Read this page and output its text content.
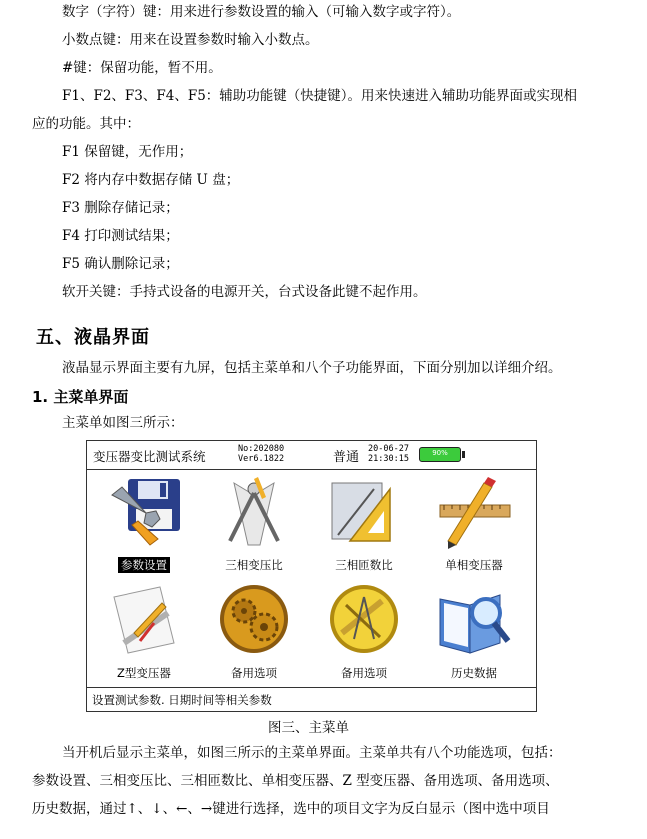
数字（字符）键：用来进行参数设置的输入（可输入数字或字符）。
小数点键：用来在设置参数时输入小数点。
#键：保留功能，暂不用。
F1、F2、F3、F4、F5：辅助功能键（快捷键）。用来快速进入辅助功能界面或实现相
应的功能。其中：
F1 保留键，无作用；
F2 将内存中数据存储 U 盘；
F3 删除存储记录；
F4 打印测试结果；
F5 确认删除记录；
软开关键：手持式设备的电源开关，台式设备此键不起作用。
五、液晶界面
液晶显示界面主要有九屏，包括主菜单和八个子功能界面，下面分别加以详细介绍。
1. 主菜单界面
主菜单如图三所示：
变压器变比测试系统	No:202080
Ver6.1822	普通
20-06-27
21:30:15
90%
参数设置	三相变压比	三相匝数比	单相变压器
Z型变压器	备用选项	备用选项	历史数据
设置测试参数. 日期时间等相关参数
图三、主菜单
当开机后显示主菜单，如图三所示的主菜单界面。主菜单共有八个功能选项，包括：
参数设置、三相变压比、三相匝数比、单相变压器、Z 型变压器、备用选项、备用选项、
历史数据，通过↑、↓、←、→键进行选择，选中的项目文字为反白显示（图中选中项目
